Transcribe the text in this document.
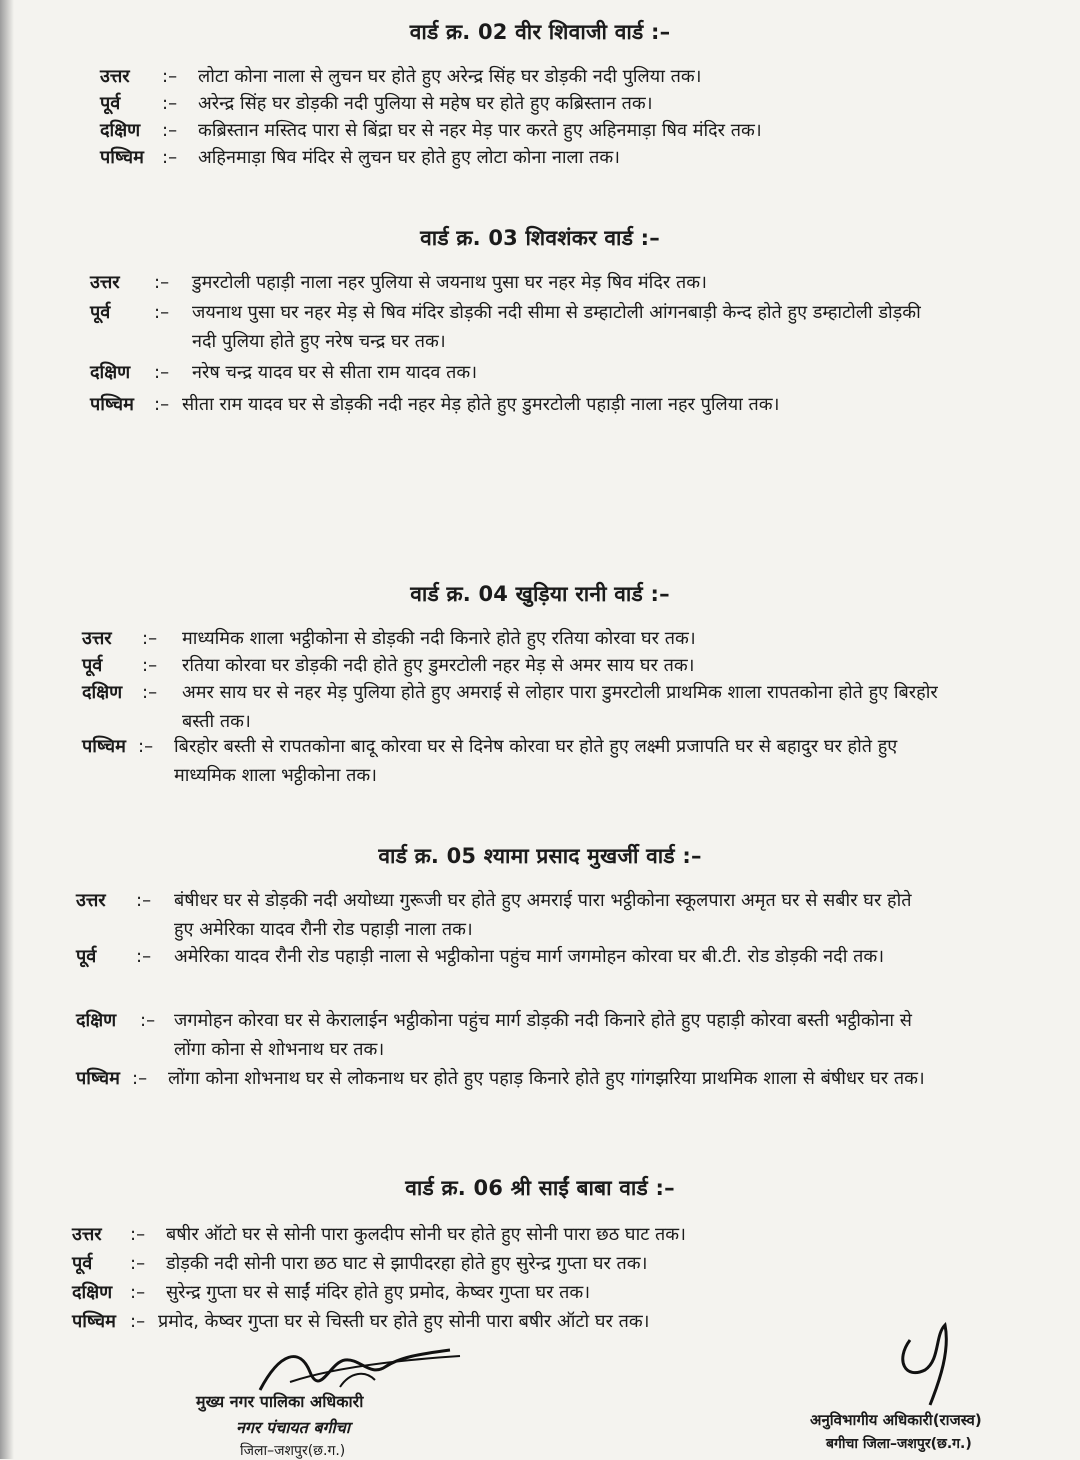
वार्ड क्र. 02 वीर शिवाजी वार्ड :–
उत्तर :– लोटा कोना नाला से लुचन घर होते हुए अरेन्द्र सिंह घर डोड़की नदी पुलिया तक।
पूर्व :– अरेन्द्र सिंह घर डोड़की नदी पुलिया से महेष घर होते हुए कब्रिस्तान तक।
दक्षिण :– कब्रिस्तान मस्तिद पारा से बिंद्रा घर से नहर मेड़ पार करते हुए अहिनमाड़ा षिव मंदिर तक।
पष्चिम :– अहिनमाड़ा षिव मंदिर से लुचन घर होते हुए लोटा कोना नाला तक।
वार्ड क्र. 03 शिवशंकर वार्ड :–
उत्तर :– डुमरटोली पहाड़ी नाला नहर पुलिया से जयनाथ पुसा घर नहर मेड़ षिव मंदिर तक।
पूर्व :– जयनाथ पुसा घर नहर मेड़ से षिव मंदिर डोड़की नदी सीमा से डम्हाटोली आंगनबाड़ी केन्द होते हुए डम्हाटोली डोड़की नदी पुलिया होते हुए नरेष चन्द्र घर तक।
दक्षिण :– नरेष चन्द्र यादव घर से सीता राम यादव तक।
पष्चिम :– सीता राम यादव घर से डोड़की नदी नहर मेड़ होते हुए डुमरटोली पहाड़ी नाला नहर पुलिया तक।
वार्ड क्र. 04 खुड़िया रानी वार्ड :–
उत्तर :– माध्यमिक शाला भट्ठीकोना से डोड़की नदी किनारे होते हुए रतिया कोरवा घर तक।
पूर्व :– रतिया कोरवा घर डोड़की नदी होते हुए डुमरटोली नहर मेड़ से अमर साय घर तक।
दक्षिण :– अमर साय घर से नहर मेड़ पुलिया होते हुए अमराई से लोहार पारा डुमरटोली प्राथमिक शाला रापतकोना होते हुए बिरहोर बस्ती तक।
पष्चिम :– बिरहोर बस्ती से रापतकोना बादू कोरवा घर से दिनेष कोरवा घर होते हुए लक्ष्मी प्रजापति घर से बहादुर घर होते हुए माध्यमिक शाला भट्ठीकोना तक।
वार्ड क्र. 05 श्यामा प्रसाद मुखर्जी वार्ड :–
उत्तर :– बंषीधर घर से डोड़की नदी अयोध्या गुरूजी घर होते हुए अमराई पारा भट्ठीकोना स्कूलपारा अमृत घर से सबीर घर होते हुए अमेरिका यादव रौनी रोड पहाड़ी नाला तक।
पूर्व :– अमेरिका यादव रौनी रोड पहाड़ी नाला से भट्ठीकोना पहुंच मार्ग जगमोहन कोरवा घर बी.टी. रोड डोड़की नदी तक।
दक्षिण :– जगमोहन कोरवा घर से केरालाईन भट्ठीकोना पहुंच मार्ग डोड़की नदी किनारे होते हुए पहाड़ी कोरवा बस्ती भट्ठीकोना से लोंगा कोना से शोभनाथ घर तक।
पष्चिम :– लोंगा कोना शोभनाथ घर से लोकनाथ घर होते हुए पहाड़ किनारे होते हुए गांगझरिया प्राथमिक शाला से बंषीधर घर तक।
वार्ड क्र. 06 श्री साईं बाबा वार्ड :–
उत्तर :– बषीर ऑटो घर से सोनी पारा कुलदीप सोनी घर होते हुए सोनी पारा छठ घाट तक।
पूर्व :– डोड़की नदी सोनी पारा छठ घाट से झापीदरहा होते हुए सुरेन्द्र गुप्ता घर तक।
दक्षिण :– सुरेन्द्र गुप्ता घर से साईं मंदिर होते हुए प्रमोद, केष्वर गुप्ता घर तक।
पष्चिम :– प्रमोद, केष्वर गुप्ता घर से चिस्ती घर होते हुए सोनी पारा बषीर ऑटो घर तक।
मुख्य नगर पालिका अधिकारी
नगर पंचायत बगीचा
जिला–जशपुर(छ.ग.)
अनुविभागीय अधिकारी(राजस्व)
बगीचा जिला–जशपुर(छ.ग.)
